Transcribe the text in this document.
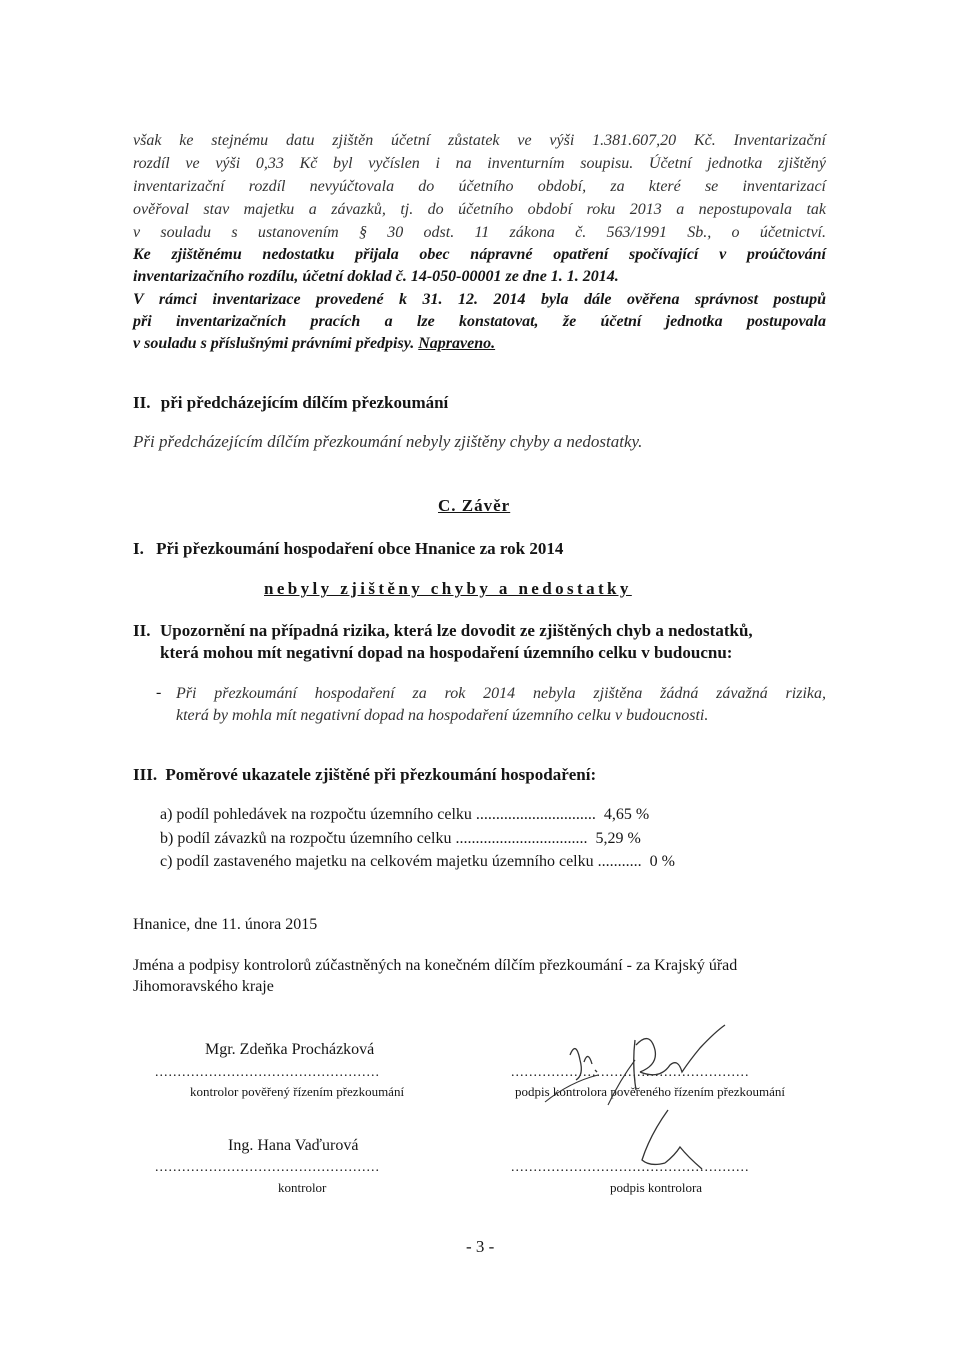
však ke stejnému datu zjištěn účetní zůstatek ve výši 1.381.607,20 Kč. Inventarizační
rozdíl ve výši 0,33 Kč byl vyčíslen i na inventurním soupisu. Účetní jednotka zjištěný
inventarizační rozdíl nevyúčtovala do účetního období, za které se inventarizací
ověřoval stav majetku a závazků, tj. do účetního období roku 2013 a nepostupovala tak
v souladu s ustanovením § 30 odst. 11 zákona č. 563/1991 Sb., o účetnictví.
Ke zjištěnému nedostatku přijala obec nápravné opatření spočívající v proúčtování
inventarizačního rozdílu, účetní doklad č. 14-050-00001 ze dne 1. 1. 2014.
V rámci inventarizace provedené k 31. 12. 2014 byla dále ověřena správnost postupů
při inventarizačních pracích a lze konstatovat, že účetní jednotka postupovala
v souladu s příslušnými právními předpisy. Napraveno.
II. při předcházejícím dílčím přezkoumání
Při předcházejícím dílčím přezkoumání nebyly zjištěny chyby a nedostatky.
C. Závěr
I. Při přezkoumání hospodaření obce Hnanice za rok 2014
nebyly zjištěny chyby a nedostatky
II. Upozornění na případná rizika, která lze dovodit ze zjištěných chyb a nedostatků,
která mohou mít negativní dopad na hospodaření územního celku v budoucnu:
- Při přezkoumání hospodaření za rok 2014 nebyla zjištěna žádná závažná rizika,
která by mohla mít negativní dopad na hospodaření územního celku v budoucnosti.
III. Poměrové ukazatele zjištěné při přezkoumání hospodaření:
a) podíl pohledávek na rozpočtu územního celku .............................. 4,65 %
b) podíl závazků na rozpočtu územního celku ................................. 5,29 %
c) podíl zastaveného majetku na celkovém majetku územního celku ........... 0 %
Hnanice, dne 11. února 2015
Jména a podpisy kontrolorů zúčastněných na konečném dílčím přezkoumání - za Krajský úřad
Jihomoravského kraje
Mgr. Zdeňka Procházková
..................................................
kontrolor pověřený řízením přezkoumání
.....................................................
podpis kontrolora pověřeného řízením přezkoumání
Ing. Hana Vaďurová
..................................................
kontrolor
.....................................................
podpis kontrolora
- 3 -
